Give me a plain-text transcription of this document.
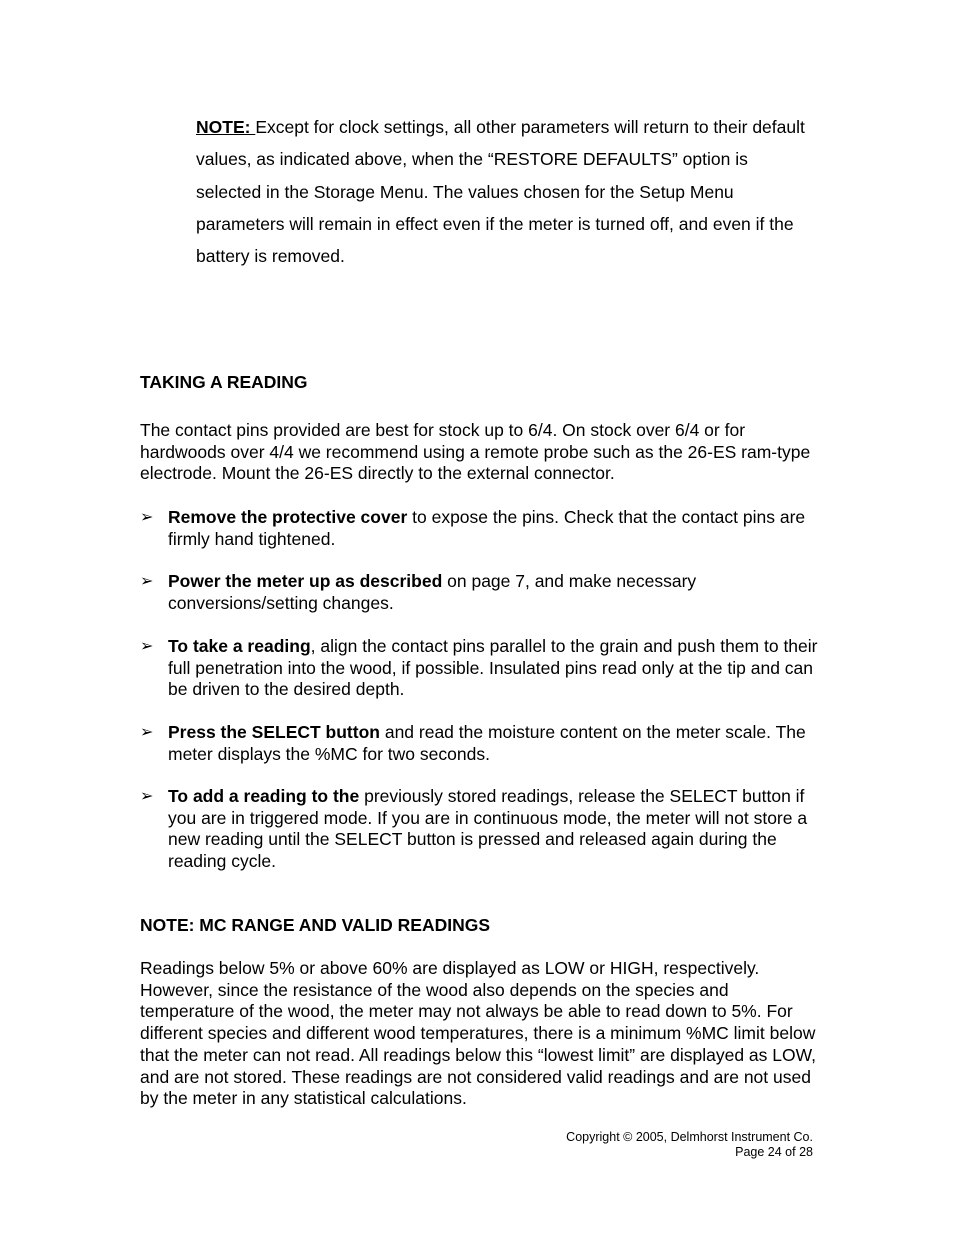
NOTE: Except for clock settings, all other parameters will return to their default values, as indicated above, when the “RESTORE DEFAULTS” option is selected in the Storage Menu. The values chosen for the Setup Menu parameters will remain in effect even if the meter is turned off, and even if the battery is removed.
TAKING A READING
The contact pins provided are best for stock up to 6/4. On stock over 6/4 or for hardwoods over 4/4 we recommend using a remote probe such as the 26-ES ram-type electrode. Mount the 26-ES directly to the external connector.
➢ Remove the protective cover to expose the pins. Check that the contact pins are firmly hand tightened.
➢ Power the meter up as described on page 7, and make necessary conversions/setting changes.
➢ To take a reading, align the contact pins parallel to the grain and push them to their full penetration into the wood, if possible. Insulated pins read only at the tip and can be driven to the desired depth.
➢ Press the SELECT button and read the moisture content on the meter scale. The meter displays the %MC for two seconds.
➢ To add a reading to the previously stored readings, release the SELECT button if you are in triggered mode. If you are in continuous mode, the meter will not store a new reading until the SELECT button is pressed and released again during the reading cycle.
NOTE: MC RANGE AND VALID READINGS
Readings below 5% or above 60% are displayed as LOW or HIGH, respectively. However, since the resistance of the wood also depends on the species and temperature of the wood, the meter may not always be able to read down to 5%. For different species and different wood temperatures, there is a minimum %MC limit below that the meter can not read. All readings below this “lowest limit” are displayed as LOW, and are not stored. These readings are not considered valid readings and are not used by the meter in any statistical calculations.
Copyright © 2005, Delmhorst Instrument Co.
Page 24 of 28
